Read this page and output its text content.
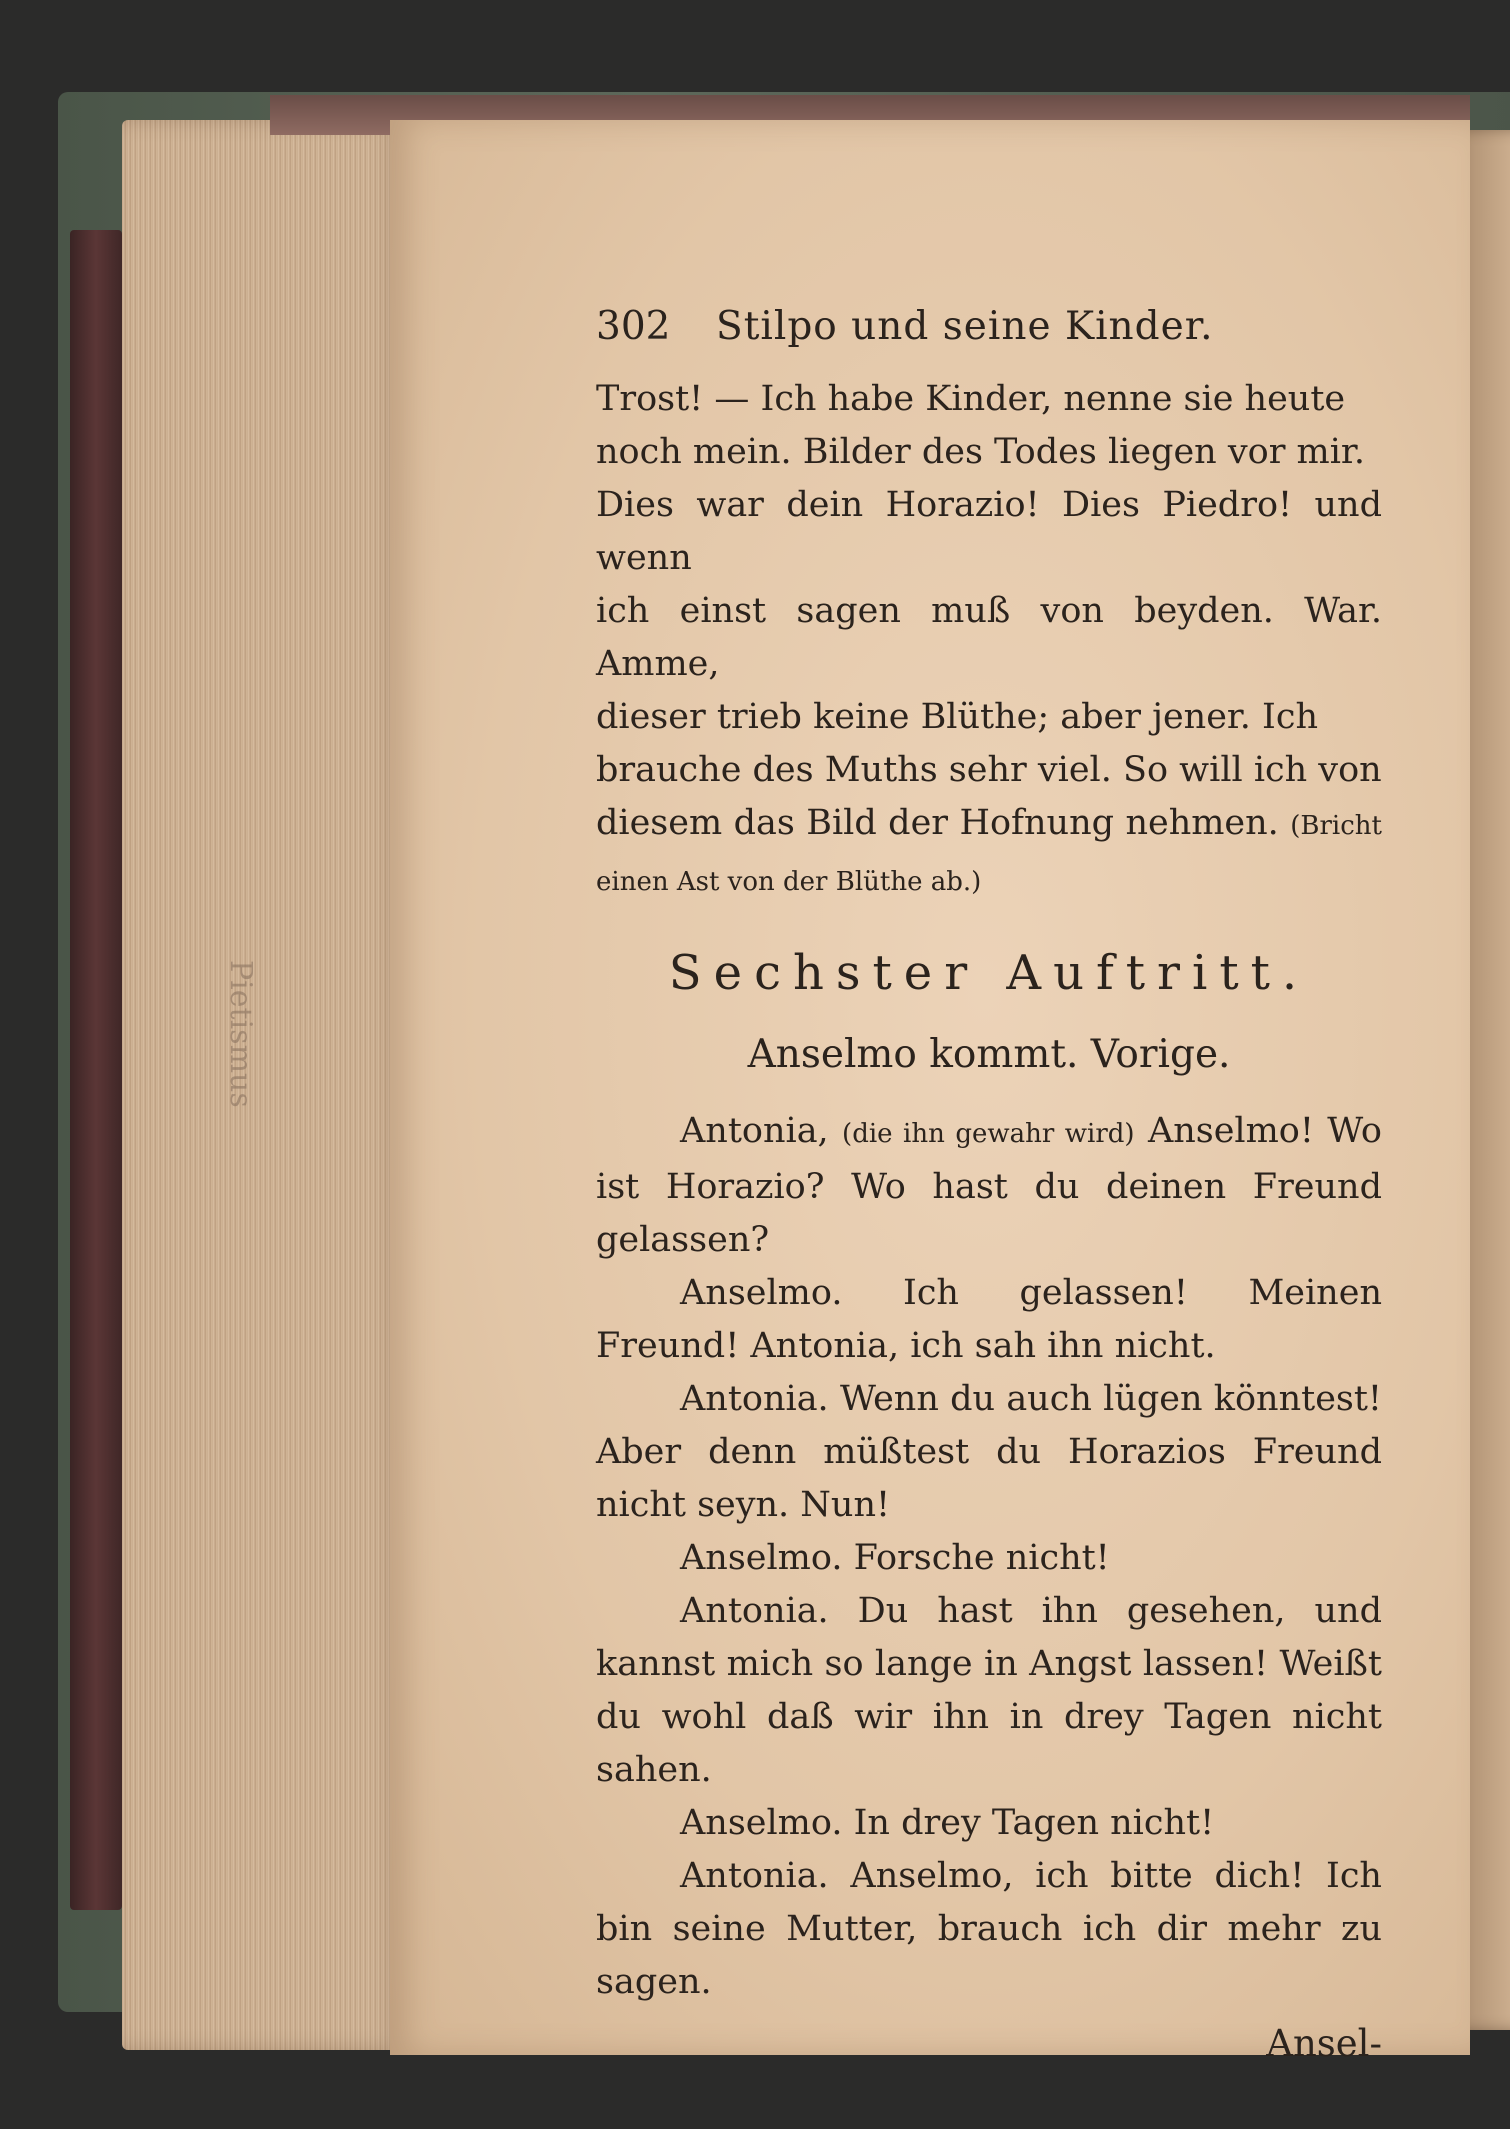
Pietismus
302	Stilpo und seine Kinder.
Trost! — Ich habe Kinder, nenne sie heute
noch mein. Bilder des Todes liegen vor mir.
Dies war dein Horazio! Dies Piedro! und wenn
ich einst sagen muß von beyden. War. Amme,
dieser trieb keine Blüthe; aber jener. Ich
brauche des Muths sehr viel. So will ich von
diesem das Bild der Hofnung nehmen. (Bricht einen Ast von der Blüthe ab.)
Sechster Auftritt.
Anselmo kommt. Vorige.

Antonia, (die ihn gewahr wird) Anselmo! Wo ist Horazio? Wo hast du deinen Freund gelassen?

Anselmo. Ich gelassen! Meinen Freund! Antonia, ich sah ihn nicht.

Antonia. Wenn du auch lügen könntest! Aber denn müßtest du Horazios Freund nicht seyn. Nun!

Anselmo. Forsche nicht!

Antonia. Du hast ihn gesehen, und kannst mich so lange in Angst lassen! Weißt du wohl daß wir ihn in drey Tagen nicht sahen.

Anselmo. In drey Tagen nicht!

Antonia. Anselmo, ich bitte dich! Ich bin seine Mutter, brauch ich dir mehr zu sagen.

Ansel-
